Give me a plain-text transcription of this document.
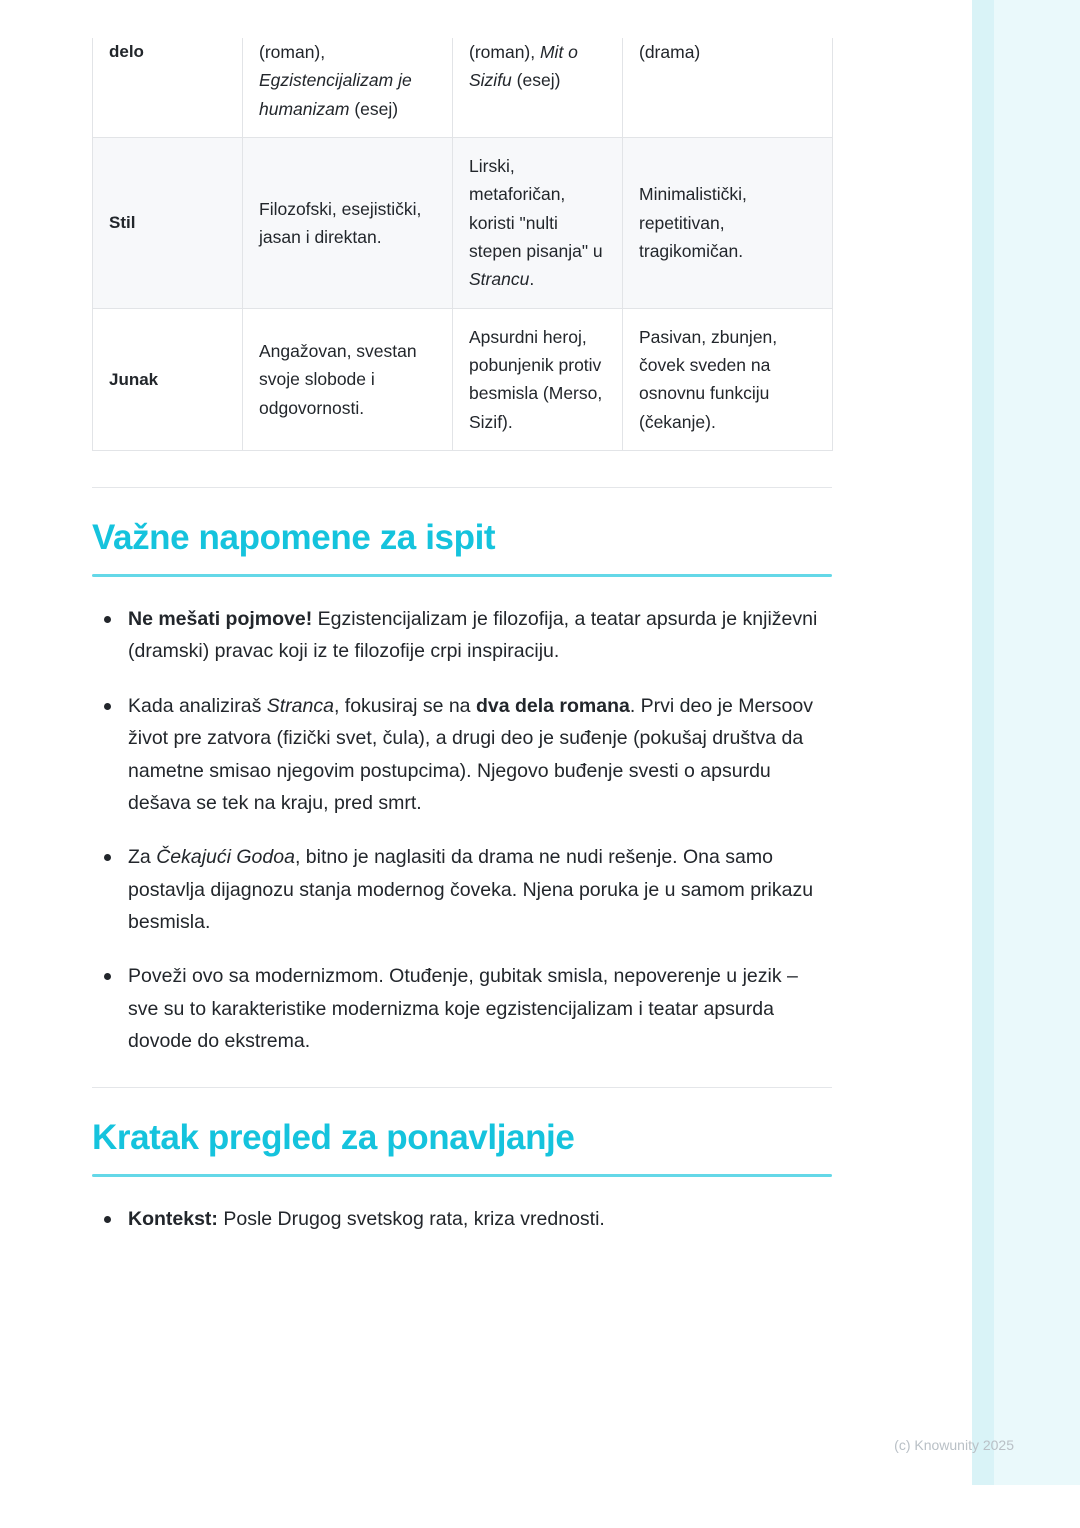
delo	(roman), Egzistencijalizam je humanizam (esej)	(roman), Mit o Sizifu (esej)	(drama)
Stil	Filozofski, esejistički, jasan i direktan.	Lirski, metaforičan, koristi "nulti stepen pisanja" u Strancu.	Minimalistički, repetitivan, tragikomičan.
Junak	Angažovan, svestan svoje slobode i odgovornosti.	Apsurdni heroj, pobunjenik protiv besmisla (Merso, Sizif).	Pasivan, zbunjen, čovek sveden na osnovnu funkciju (čekanje).
Važne napomene za ispit
Ne mešati pojmove! Egzistencijalizam je filozofija, a teatar apsurda je književni (dramski) pravac koji iz te filozofije crpi inspiraciju.
Kada analiziraš Stranca, fokusiraj se na dva dela romana. Prvi deo je Mersoov život pre zatvora (fizički svet, čula), a drugi deo je suđenje (pokušaj društva da nametne smisao njegovim postupcima). Njegovo buđenje svesti o apsurdu dešava se tek na kraju, pred smrt.
Za Čekajući Godoa, bitno je naglasiti da drama ne nudi rešenje. Ona samo postavlja dijagnozu stanja modernog čoveka. Njena poruka je u samom prikazu besmisla.
Poveži ovo sa modernizmom. Otuđenje, gubitak smisla, nepoverenje u jezik – sve su to karakteristike modernizma koje egzistencijalizam i teatar apsurda dovode do ekstrema.
Kratak pregled za ponavljanje
Kontekst: Posle Drugog svetskog rata, kriza vrednosti.
(c) Knowunity 2025
